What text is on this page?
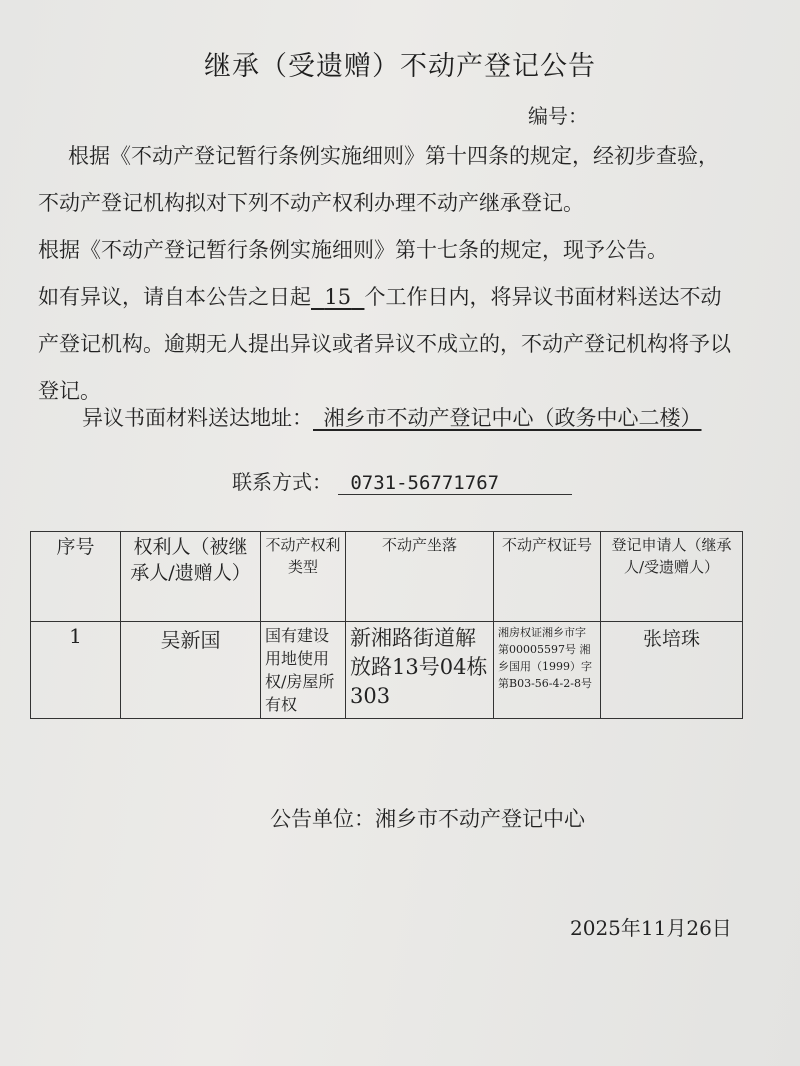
继承（受遗赠）不动产登记公告
编号：

根据《不动产登记暂行条例实施细则》第十四条的规定，经初步查验，不动产登记机构拟对下列不动产权利办理不动产继承登记。

根据《不动产登记暂行条例实施细则》第十七条的规定，现予公告。

如有异议，请自本公告之日起 15 个工作日内，将异议书面材料送达不动产登记机构。逾期无人提出异议或者异议不成立的，不动产登记机构将予以登记。

异议书面材料送达地址：_湘乡市不动产登记中心（政务中心二楼）
联系方式： 0731-56771767
序号	权利人（被继承人/遗赠人）	不动产权利类型	不动产坐落	不动产权证号	登记申请人（继承人/受遗赠人）
1	吴新国	国有建设用地使用权/房屋所有权	新湘路街道解放路13号04栋303	湘房权证湘乡市字第00005597号 湘乡国用（1999）字第B03-56-4-2-8号	张培珠
公告单位：湘乡市不动产登记中心
2025年11月26日
